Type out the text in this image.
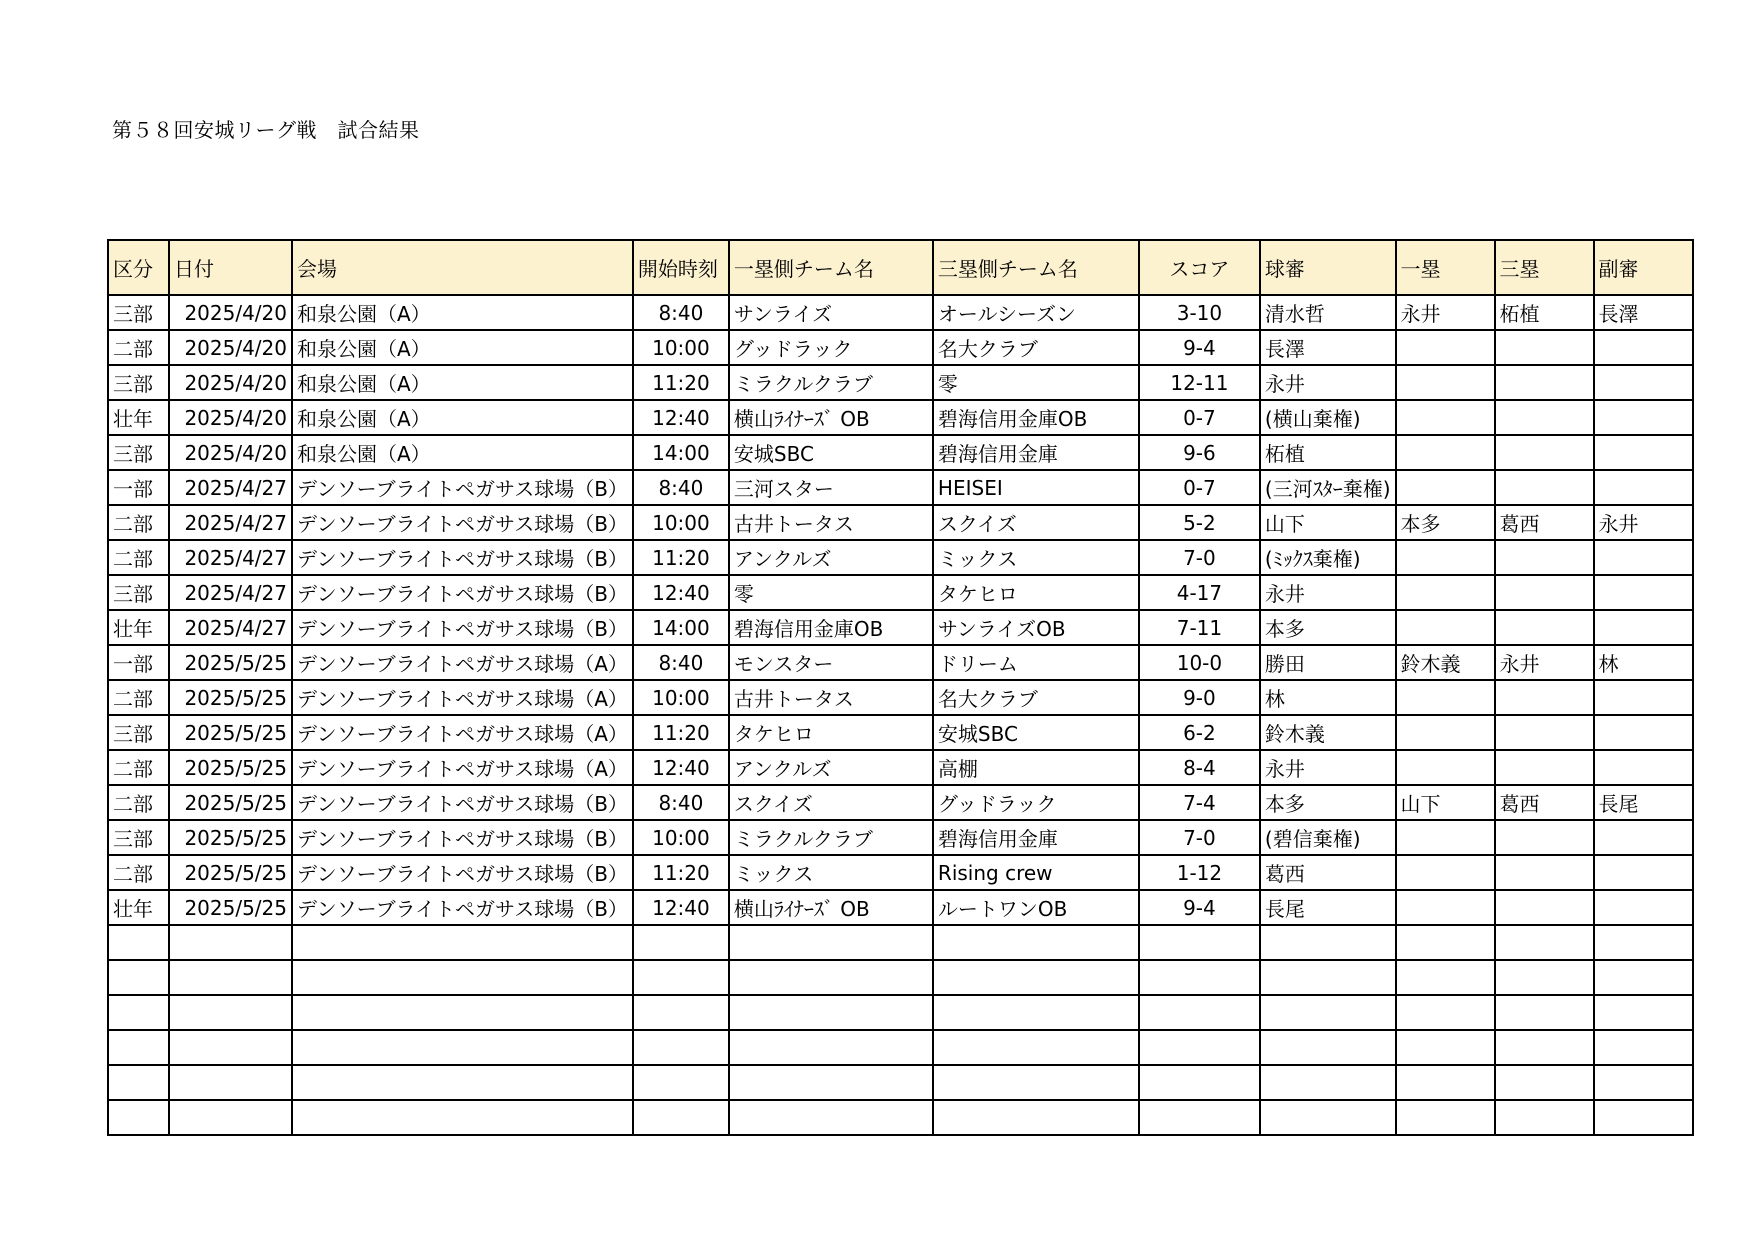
第５８回安城リーグ戦　試合結果
区分	日付	会場	開始時刻	一塁側チーム名	三塁側チーム名	スコア	球審	一塁	三塁	副審
三部	2025/4/20	和泉公園（A）	8:40	サンライズ	オールシーズン	3-10	清水哲	永井	柘植	長澤
二部	2025/4/20	和泉公園（A）	10:00	グッドラック	名大クラブ	9-4	長澤			
三部	2025/4/20	和泉公園（A）	11:20	ミラクルクラブ	零	12-11	永井			
壮年	2025/4/20	和泉公園（A）	12:40	横山ﾗｲﾅｰｽﾞ OB	碧海信用金庫OB	0-7	(横山棄権)			
三部	2025/4/20	和泉公園（A）	14:00	安城SBC	碧海信用金庫	9-6	柘植			
一部	2025/4/27	デンソーブライトペガサス球場（B）	8:40	三河スター	HEISEI	0-7	(三河ｽﾀｰ棄権)			
二部	2025/4/27	デンソーブライトペガサス球場（B）	10:00	古井トータス	スクイズ	5-2	山下	本多	葛西	永井
二部	2025/4/27	デンソーブライトペガサス球場（B）	11:20	アンクルズ	ミックス	7-0	(ﾐｯｸｽ棄権)			
三部	2025/4/27	デンソーブライトペガサス球場（B）	12:40	零	タケヒロ	4-17	永井			
壮年	2025/4/27	デンソーブライトペガサス球場（B）	14:00	碧海信用金庫OB	サンライズOB	7-11	本多			
一部	2025/5/25	デンソーブライトペガサス球場（A）	8:40	モンスター	ドリーム	10-0	勝田	鈴木義	永井	林
二部	2025/5/25	デンソーブライトペガサス球場（A）	10:00	古井トータス	名大クラブ	9-0	林			
三部	2025/5/25	デンソーブライトペガサス球場（A）	11:20	タケヒロ	安城SBC	6-2	鈴木義			
二部	2025/5/25	デンソーブライトペガサス球場（A）	12:40	アンクルズ	高棚	8-4	永井			
二部	2025/5/25	デンソーブライトペガサス球場（B）	8:40	スクイズ	グッドラック	7-4	本多	山下	葛西	長尾
三部	2025/5/25	デンソーブライトペガサス球場（B）	10:00	ミラクルクラブ	碧海信用金庫	7-0	(碧信棄権)			
二部	2025/5/25	デンソーブライトペガサス球場（B）	11:20	ミックス	Rising crew	1-12	葛西			
壮年	2025/5/25	デンソーブライトペガサス球場（B）	12:40	横山ﾗｲﾅｰｽﾞ OB	ルートワンOB	9-4	長尾			
